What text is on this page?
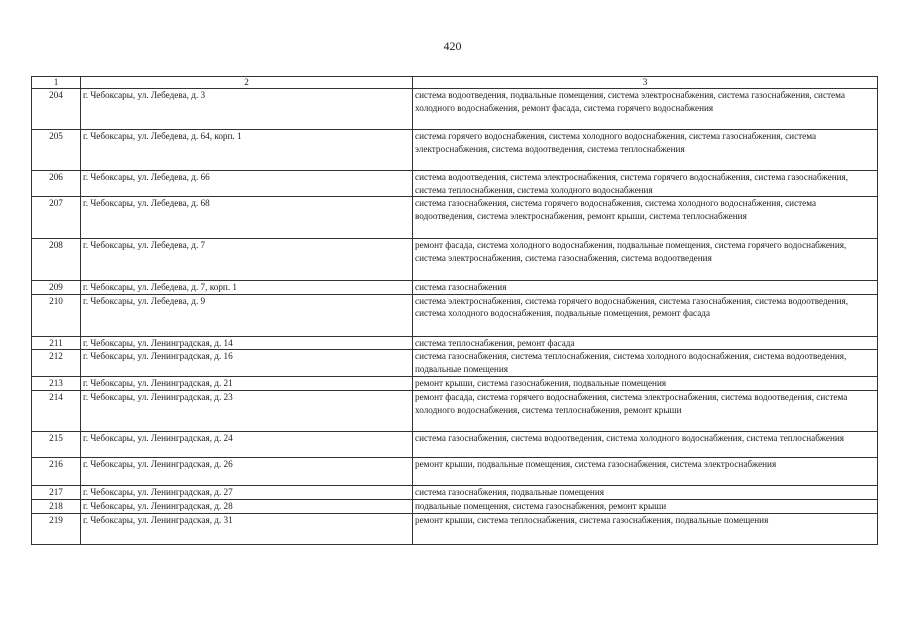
420
1	2	3
204	г. Чебоксары, ул. Лебедева, д. 3	система водоотведения, подвальные помещения, система электроснабжения, система газоснабжения, система холодного водоснабжения, ремонт фасада, система горячего водоснабжения
205	г. Чебоксары, ул. Лебедева, д. 64, корп. 1	система горячего водоснабжения, система холодного водоснабжения, система газоснабжения, система электроснабжения, система водоотведения, система теплоснабжения
206	г. Чебоксары, ул. Лебедева, д. 66	система водоотведения, система электроснабжения, система горячего водоснабжения, система газоснабжения, система теплоснабжения, система холодного водоснабжения
207	г. Чебоксары, ул. Лебедева, д. 68	система газоснабжения, система горячего водоснабжения, система холодного водоснабжения, система водоотведения, система электроснабжения, ремонт крыши, система теплоснабжения
208	г. Чебоксары, ул. Лебедева, д. 7	ремонт фасада, система холодного водоснабжения, подвальные помещения, система горячего водоснабжения, система электроснабжения, система газоснабжения, система водоотведения
209	г. Чебоксары, ул. Лебедева, д. 7, корп. 1	система газоснабжения
210	г. Чебоксары, ул. Лебедева, д. 9	система электроснабжения, система горячего водоснабжения, система газоснабжения, система водоотведения, система холодного водоснабжения, подвальные помещения, ремонт фасада
211	г. Чебоксары, ул. Ленинградская, д. 14	система теплоснабжения, ремонт фасада
212	г. Чебоксары, ул. Ленинградская, д. 16	система газоснабжения, система теплоснабжения, система холодного водоснабжения, система водоотведения, подвальные помещения
213	г. Чебоксары, ул. Ленинградская, д. 21	ремонт крыши, система газоснабжения, подвальные помещения
214	г. Чебоксары, ул. Ленинградская, д. 23	ремонт фасада, система горячего водоснабжения, система электроснабжения, система водоотведения, система холодного водоснабжения, система теплоснабжения, ремонт крыши
215	г. Чебоксары, ул. Ленинградская, д. 24	система газоснабжения, система водоотведения, система холодного водоснабжения, система теплоснабжения
216	г. Чебоксары, ул. Ленинградская, д. 26	ремонт крыши, подвальные помещения, система газоснабжения, система электроснабжения
217	г. Чебоксары, ул. Ленинградская, д. 27	система газоснабжения, подвальные помещения
218	г. Чебоксары, ул. Ленинградская, д. 28	подвальные помещения, система газоснабжения, ремонт крыши
219	г. Чебоксары, ул. Ленинградская, д. 31	ремонт крыши, система теплоснабжения, система газоснабжения, подвальные помещения
